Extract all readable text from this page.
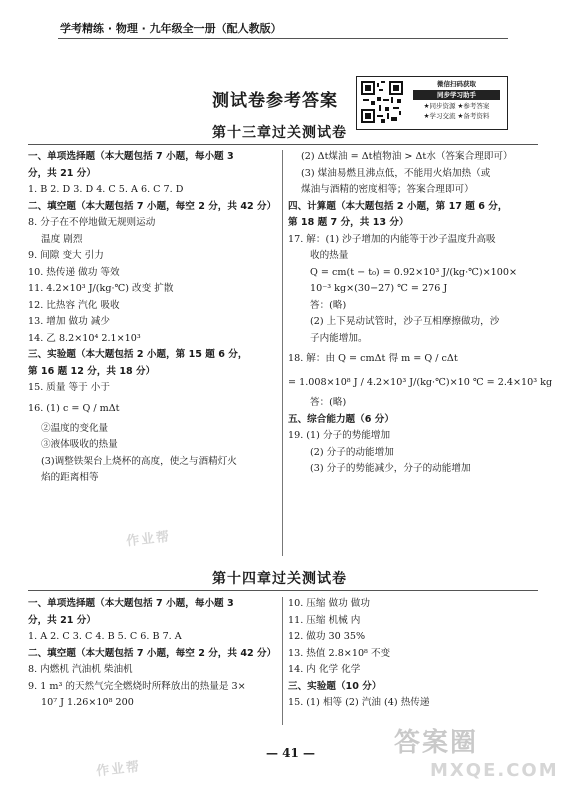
学考精练 · 物理 · 九年级全一册（配人教版）
测试卷参考答案
微信扫码获取
同步学习助手
★同步资源 ★参考答案
★学习交流 ★备考资料
第十三章过关测试卷
一、单项选择题（本大题包括 7 小题，每小题 3
分，共 21 分）
1. B 2. D 3. D 4. C 5. A 6. C 7. D
二、填空题（本大题包括 7 小题，每空 2 分，共 42 分）
8. 分子在不停地做无规则运动
温度 剧烈
9. 间隙 变大 引力
10. 热传递 做功 等效
11. 4.2×10³ J/(kg·℃) 改变 扩散
12. 比热容 汽化 吸收
13. 增加 做功 减少
14. 乙 8.2×10⁴ 2.1×10³
三、实验题（本大题包括 2 小题，第 15 题 6 分，
第 16 题 12 分，共 18 分）
15. 质量 等于 小于
16. (1) c = Q / mΔt
②温度的变化量
③液体吸收的热量
(3)调整铁架台上烧杯的高度，使之与酒精灯火
焰的距离相等
(2) Δt煤油 = Δt植物油 > Δt水（答案合理即可）
(3) 煤油易燃且沸点低，不能用火焰加热（或
煤油与酒精的密度相等；答案合理即可）
四、计算题（本大题包括 2 小题，第 17 题 6 分，
第 18 题 7 分，共 13 分）
17. 解：(1) 沙子增加的内能等于沙子温度升高吸
收的热量
Q = cm(t − t₀) = 0.92×10³ J/(kg·℃)×100×
10⁻³ kg×(30−27) ℃ = 276 J
答：(略)
(2) 上下晃动试管时，沙子互相摩擦做功，沙
子内能增加。
18. 解：由 Q = cmΔt 得 m = Q / cΔt
= 1.008×10⁸ J / 4.2×10³ J/(kg·℃)×10 ℃ = 2.4×10³ kg
答：(略)
五、综合能力题（6 分）
19. (1) 分子的势能增加
(2) 分子的动能增加
(3) 分子的势能减少，分子的动能增加
第十四章过关测试卷
一、单项选择题（本大题包括 7 小题，每小题 3
分，共 21 分）
1. A 2. C 3. C 4. B 5. C 6. B 7. A
二、填空题（本大题包括 7 小题，每空 2 分，共 42 分）
8. 内燃机 汽油机 柴油机
9. 1 m³ 的天然气完全燃烧时所释放出的热量是 3×
10⁷ J 1.26×10⁸ 200
10. 压缩 做功 做功
11. 压缩 机械 内
12. 做功 30 35%
13. 热值 2.8×10⁸ 不变
14. 内 化学 化学
三、实验题（10 分）
15. (1) 相等 (2) 汽油 (4) 热传递
— 41 —
作业帮
作业帮
答案圈
MXQE.COM
